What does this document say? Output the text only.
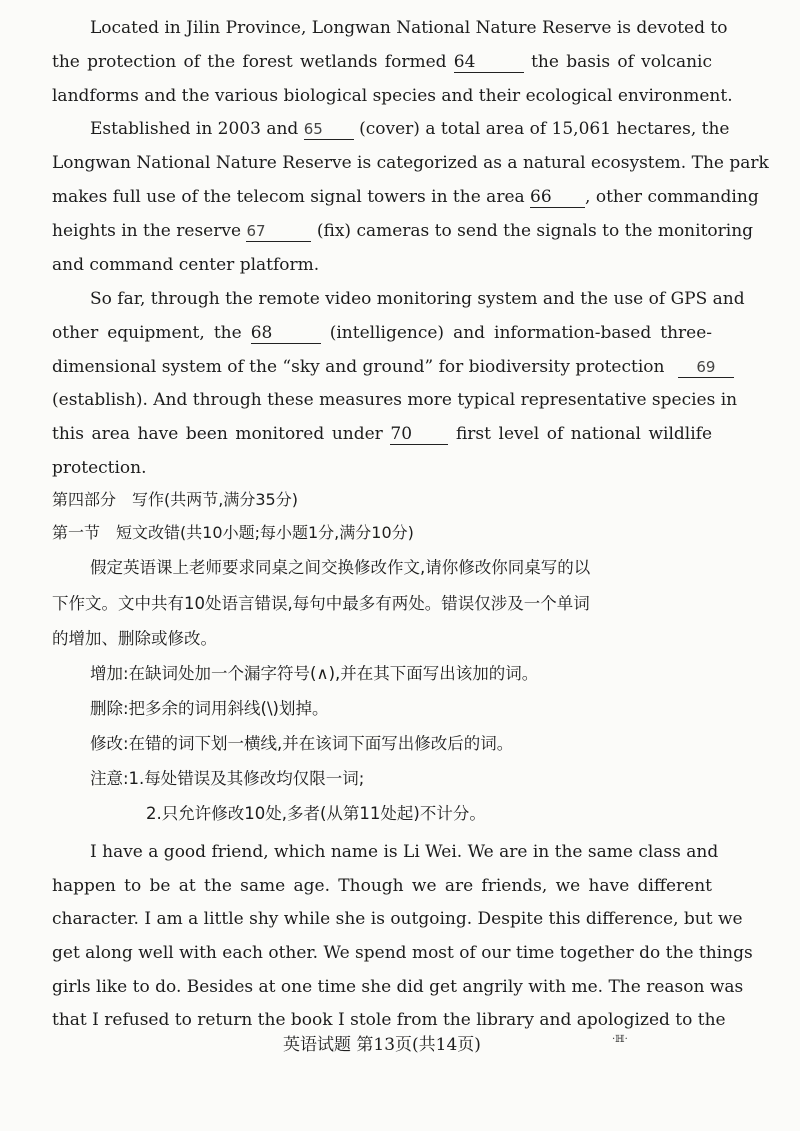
Located in Jilin Province, Longwan National Nature Reserve is devoted to
the protection of the forest wetlands formed 64	the basis of volcanic
landforms and the various biological species and their ecological environment.
Established in 2003 and 65 (cover) a total area of 15,061 hectares, the
Longwan National Nature Reserve is categorized as a natural ecosystem. The park
makes full use of the telecom signal towers in the area 66 , other commanding
heights in the reserve 67	(fix) cameras to send the signals to the monitoring
and command center platform.
So far, through the remote video monitoring system and the use of GPS and
other equipment, the 68	(intelligence) and information-based three-
dimensional system of the “sky and ground” for biodiversity protection 69
(establish). And through these measures more typical representative species in
this area have been monitored under 70	first level of national wildlife
protection.
第四部分　写作(共两节,满分35分)
第一节　短文改错(共10小题;每小题1分,满分10分)
假定英语课上老师要求同桌之间交换修改作文,请你修改你同桌写的以
下作文。文中共有10处语言错误,每句中最多有两处。错误仅涉及一个单词
的增加、删除或修改。
增加:在缺词处加一个漏字符号(∧),并在其下面写出该加的词。
删除:把多余的词用斜线(\)划掉。
修改:在错的词下划一横线,并在该词下面写出修改后的词。
注意:1.每处错误及其修改均仅限一词;
2.只允许修改10处,多者(从第11处起)不计分。
I have a good friend, which name is Li Wei. We are in the same class and
happen to be at the same age. Though we are friends, we have different
character. I am a little shy while she is outgoing. Despite this difference, but we
get along well with each other. We spend most of our time together do the things
girls like to do. Besides at one time she did get angrily with me. The reason was
that I refused to return the book I stole from the library and apologized to the
英语试题 第13页(共14页)	·ℍ·
